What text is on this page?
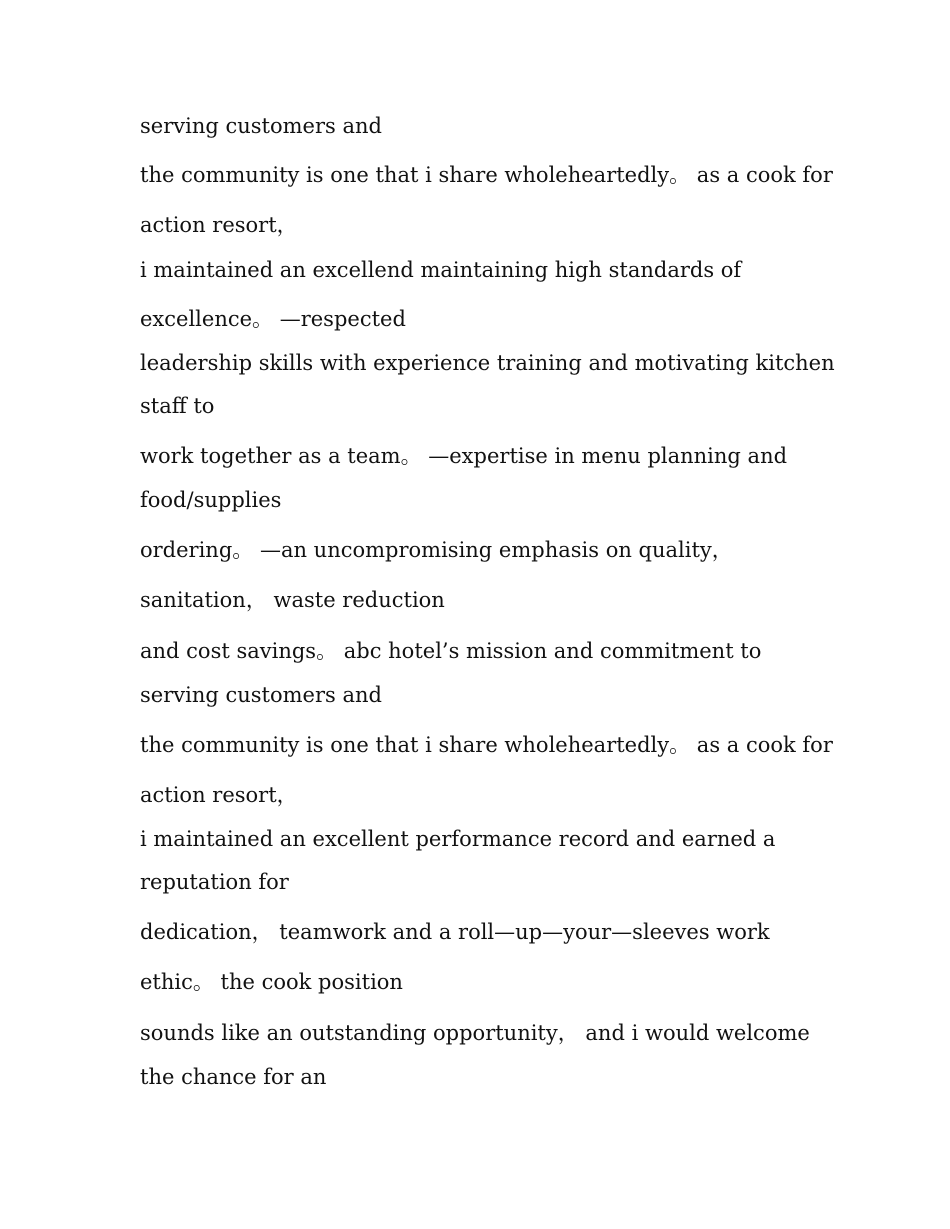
serving customers and

the community is one that i share wholeheartedly。 as a cook for

action resort，

i maintained an excellend maintaining high standards of

excellence。 —respected

leadership skills with experience training and motivating kitchen

staff to

work together as a team。 —expertise in menu planning and

food/supplies

ordering。 —an uncompromising emphasis on quality，

sanitation， waste reduction

and cost savings。 abc hotel’s mission and commitment to

serving customers and

the community is one that i share wholeheartedly。 as a cook for

action resort，

i maintained an excellent performance record and earned a

reputation for

dedication， teamwork and a roll—up—your—sleeves work

ethic。 the cook position

sounds like an outstanding opportunity， and i would welcome

the chance for an
